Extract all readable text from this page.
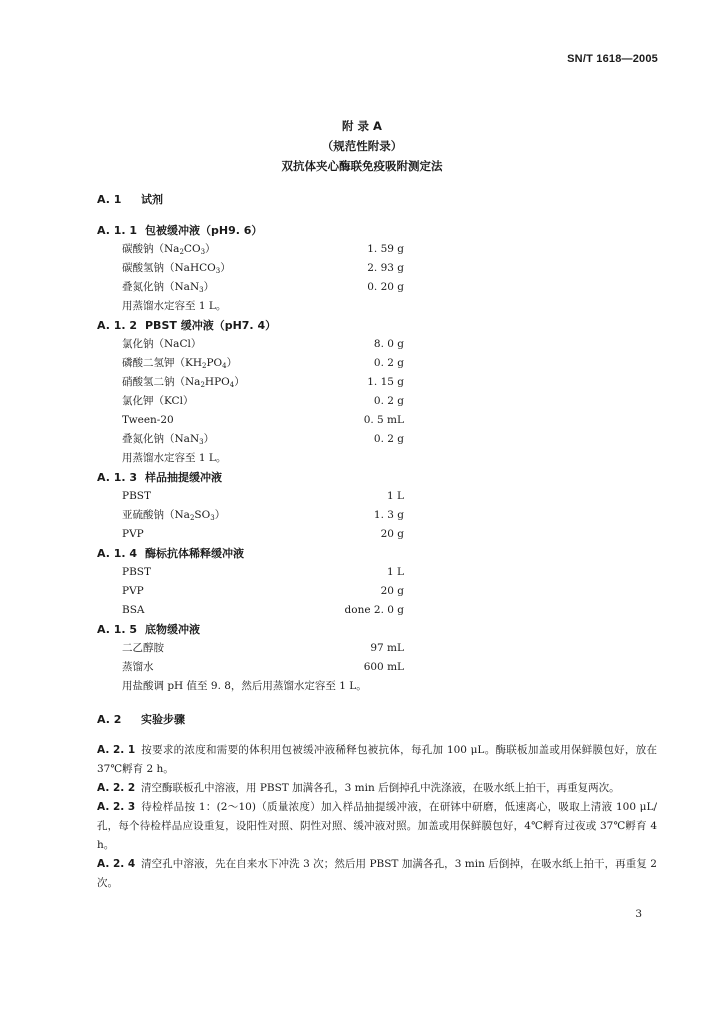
SN/T 1618—2005
附 录 A
（规范性附录）
双抗体夹心酶联免疫吸附测定法
A. 1 试剂
A. 1. 1 包被缓冲液（pH9. 6）
碳酸钠$(Na_2CO_3)$	1. 59 g
碳酸氢钠（NaHCO$_3$）	2. 93 g
叠氮化钠（NaN$_3$）	0. 20 g
用蒸馏水定容至 1 L。
A. 1. 2 PBST 缓冲液（pH7. 4）
氯化钠（NaCl）	8. 0 g
磷酸二氢钾$(KH_2PO_4)$	0. 2 g
硝酸氢二钠$(Na_2HPO_4)$	1. 15 g
氯化钾（KCl）	0. 2 g
Tween-20	0. 5 mL
叠氮化钠（NaN$_3$）	0. 2 g
用蒸馏水定容至 1 L。
A. 1. 3 样品抽提缓冲液
PBST	1 L
亚硫酸钠$(Na_2SO_3)$	1. 3 g
PVP	20 g
A. 1. 4 酶标抗体稀释缓冲液
PBST	1 L
PVP	20 g
BSA	done 2. 0 g
A. 1. 5 底物缓冲液
二乙醇胺	97 mL
蒸馏水	600 mL
用盐酸调 pH 值至 9. 8，然后用蒸馏水定容至 1 L。
A. 2 实验步骤

A. 2. 1 按要求的浓度和需要的体积用包被缓冲液稀释包被抗体，每孔加 100 μL。酶联板加盖或用保鲜膜包好，放在 37℃孵育 2 h。

A. 2. 2 清空酶联板孔中溶液，用 PBST 加满各孔，3 min 后倒掉孔中洗涤液，在吸水纸上拍干，再重复两次。

A. 2. 3 待检样品按 1：(2～10)（质量浓度）加入样品抽提缓冲液，在研钵中研磨，低速离心，吸取上清液 100 μL/孔，每个待检样品应设重复，设阳性对照、阴性对照、缓冲液对照。加盖或用保鲜膜包好，4℃孵育过夜或 37℃孵育 4 h。

A. 2. 4 清空孔中溶液，先在自来水下冲洗 3 次；然后用 PBST 加满各孔，3 min 后倒掉，在吸水纸上拍干，再重复 2 次。

3
